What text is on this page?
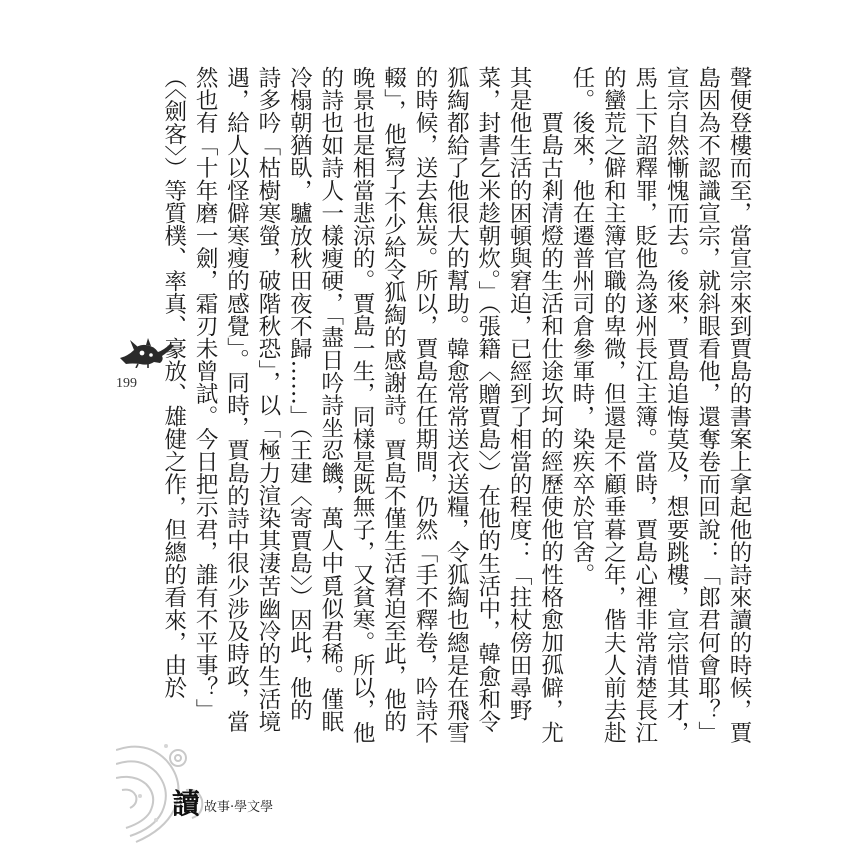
聲便登樓而至，當宣宗來到賈島的書案上拿起他的詩來讀的時候，賈島因為不認識宣宗，就斜眼看他，還奪卷而回說：「郎君何會耶？」宣宗自然慚愧而去。後來，賈島追悔莫及，想要跳樓，宣宗惜其才，馬上下詔釋罪，貶他為遂州長江主簿。當時，賈島心裡非常清楚長江的蠻荒之僻和主簿官職的卑微，但還是不顧垂暮之年，偕夫人前去赴任。後來，他在遷普州司倉參軍時，染疾卒於官舍。

賈島古剎清燈的生活和仕途坎坷的經歷使他的性格愈加孤僻，尤其是他生活的困頓與窘迫，已經到了相當的程度：「拄杖傍田尋野菜，封書乞米趁朝炊。」（張籍〈贈賈島〉）在他的生活中，韓愈和令狐綯都給了他很大的幫助。韓愈常常送衣送糧，令狐綯也總是在飛雪的時候，送去焦炭。所以，賈島在任期間，仍然「手不釋卷，吟詩不輟」，他寫了不少給令狐綯的感謝詩。賈島不僅生活窘迫至此，他的晚景也是相當悲涼的。賈島一生，同樣是既無子，又貧寒。所以，他的詩也如詩人一樣瘦硬，「盡日吟詩坐忍饑，萬人中覓似君稀。僅眠冷榻朝猶臥，驢放秋田夜不歸……」（王建〈寄賈島〉）因此，他的詩多吟「枯樹寒螢，破階秋恐」，以「極力渲染其淒苦幽冷的生活境遇，給人以怪僻寒瘦的感覺」。同時，賈島的詩中很少涉及時政，當然也有「十年磨一劍，霜刃未曾試。今日把示君，誰有不平事？」（〈劍客〉）等質樸、率真、豪放、雄健之作，但總的看來，由於

199
讀 故事‧學文學
